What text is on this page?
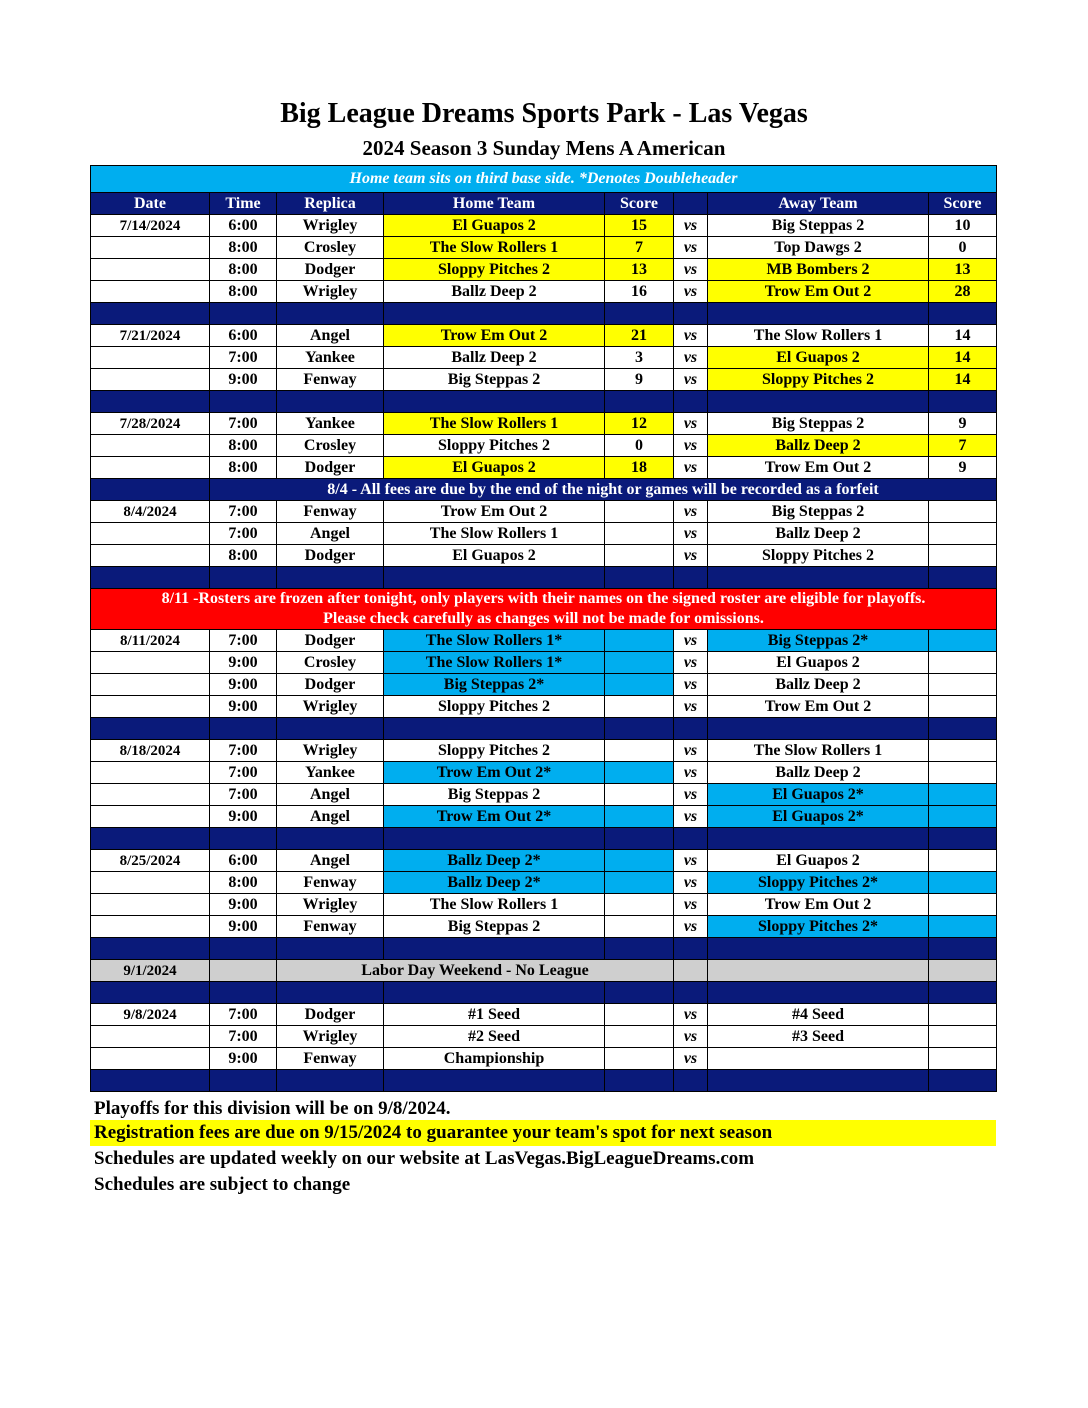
Big League Dreams Sports Park - Las Vegas
2024 Season 3 Sunday Mens A American
Home team sits on third base side. *Denotes Doubleheader							
Date	Time	Replica	Home Team	Score		Away Team	Score
7/14/2024	6:00	Wrigley	El Guapos 2	15	vs	Big Steppas 2	10
	8:00	Crosley	The Slow Rollers 1	7	vs	Top Dawgs 2	0
	8:00	Dodger	Sloppy Pitches 2	13	vs	MB Bombers 2	13
	8:00	Wrigley	Ballz Deep 2	16	vs	Trow Em Out 2	28

7/21/2024	6:00	Angel	Trow Em Out 2	21	vs	The Slow Rollers 1	14
	7:00	Yankee	Ballz Deep 2	3	vs	El Guapos 2	14
	9:00	Fenway	Big Steppas 2	9	vs	Sloppy Pitches 2	14

7/28/2024	7:00	Yankee	The Slow Rollers 1	12	vs	Big Steppas 2	9
	8:00	Crosley	Sloppy Pitches 2	0	vs	Ballz Deep 2	7
	8:00	Dodger	El Guapos 2	18	vs	Trow Em Out 2	9
	8/4 - All fees are due by the end of the night or games will be recorded as a forfeit						
8/4/2024	7:00	Fenway	Trow Em Out 2		vs	Big Steppas 2	
	7:00	Angel	The Slow Rollers 1		vs	Ballz Deep 2	
	8:00	Dodger	El Guapos 2		vs	Sloppy Pitches 2	

8/11 -Rosters are frozen after tonight, only players with their names on the signed roster are eligible for playoffs.
Please check carefully as changes will not be made for omissions.							

8/11/2024	7:00	Dodger	The Slow Rollers 1*		vs	Big Steppas 2*	
	9:00	Crosley	The Slow Rollers 1*		vs	El Guapos 2	
	9:00	Dodger	Big Steppas 2*		vs	Ballz Deep 2	
	9:00	Wrigley	Sloppy Pitches 2		vs	Trow Em Out 2	

8/18/2024	7:00	Wrigley	Sloppy Pitches 2		vs	The Slow Rollers 1	
	7:00	Yankee	Trow Em Out 2*		vs	Ballz Deep 2	
	7:00	Angel	Big Steppas 2		vs	El Guapos 2*	
	9:00	Angel	Trow Em Out 2*		vs	El Guapos 2*	

8/25/2024	6:00	Angel	Ballz Deep 2*		vs	El Guapos 2	
	8:00	Fenway	Ballz Deep 2*		vs	Sloppy Pitches 2*	
	9:00	Wrigley	The Slow Rollers 1		vs	Trow Em Out 2	
	9:00	Fenway	Big Steppas 2		vs	Sloppy Pitches 2*	

9/1/2024		Labor Day Weekend - No League					

9/8/2024	7:00	Dodger	#1 Seed		vs	#4 Seed	
	7:00	Wrigley	#2 Seed		vs	#3 Seed	
	9:00	Fenway	Championship		vs		

Playoffs for this division will be on 9/8/2024.
Registration fees are due on 9/15/2024 to guarantee your team's spot for next season
Schedules are updated weekly on our website at LasVegas.BigLeagueDreams.com
Schedules are subject to change
